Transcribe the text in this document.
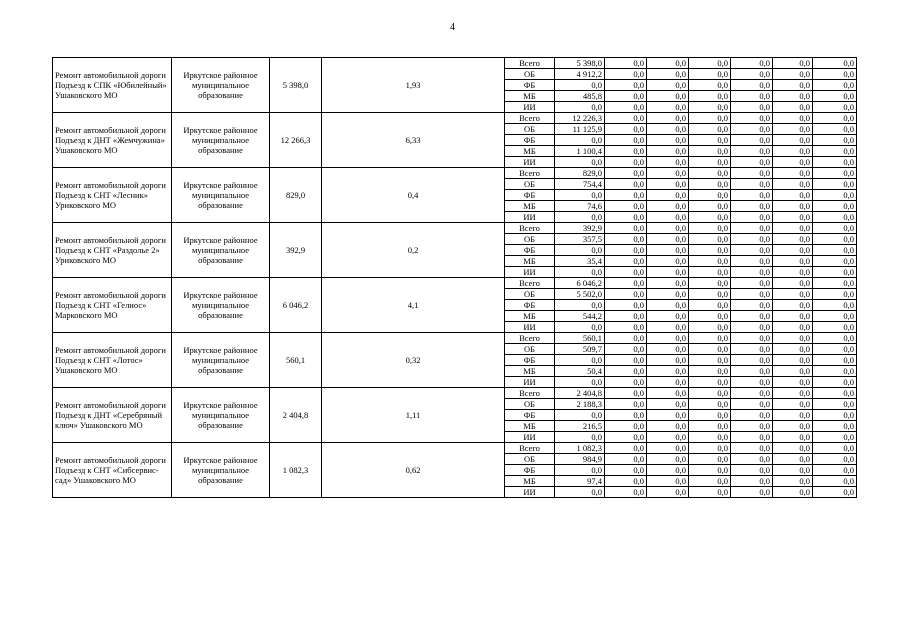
4
Ремонт автомобильной дороги Подъезд к СПК «Юбилейный» Ушаковского МО	Иркутское районное муниципальное образование	5 398,0	1,93	Всего	5 398,0	0,0	0,0	0,0	0,0	0,0	0,0
				ОБ	4 912,2	0,0	0,0	0,0	0,0	0,0	0,0
				ФБ	0,0	0,0	0,0	0,0	0,0	0,0	0,0
				МБ	485,8	0,0	0,0	0,0	0,0	0,0	0,0
				ИИ	0,0	0,0	0,0	0,0	0,0	0,0	0,0
Ремонт автомобильной дороги Подъезд к ДНТ «Жемчужина» Ушаковского МО	Иркутское районное муниципальное образование	12 266,3	6,33	Всего	12 226,3	0,0	0,0	0,0	0,0	0,0	0,0
				ОБ	11 125,9	0,0	0,0	0,0	0,0	0,0	0,0
				ФБ	0,0	0,0	0,0	0,0	0,0	0,0	0,0
				МБ	1 100,4	0,0	0,0	0,0	0,0	0,0	0,0
				ИИ	0,0	0,0	0,0	0,0	0,0	0,0	0,0
Ремонт автомобильной дороги Подъезд к СНТ «Лесник» Уриковского МО	Иркутское районное муниципальное образование	829,0	0,4	Всего	829,0	0,0	0,0	0,0	0,0	0,0	0,0
				ОБ	754,4	0,0	0,0	0,0	0,0	0,0	0,0
				ФБ	0,0	0,0	0,0	0,0	0,0	0,0	0,0
				МБ	74,6	0,0	0,0	0,0	0,0	0,0	0,0
				ИИ	0,0	0,0	0,0	0,0	0,0	0,0	0,0
Ремонт автомобильной дороги Подъезд к СНТ «Раздолье 2» Уриковского МО	Иркутское районное муниципальное образование	392,9	0,2	Всего	392,9	0,0	0,0	0,0	0,0	0,0	0,0
				ОБ	357,5	0,0	0,0	0,0	0,0	0,0	0,0
				ФБ	0,0	0,0	0,0	0,0	0,0	0,0	0,0
				МБ	35,4	0,0	0,0	0,0	0,0	0,0	0,0
				ИИ	0,0	0,0	0,0	0,0	0,0	0,0	0,0
Ремонт автомобильной дороги Подъезд к СНТ «Гелиос» Марковского МО	Иркутское районное муниципальное образование	6 046,2	4,1	Всего	6 046,2	0,0	0,0	0,0	0,0	0,0	0,0
				ОБ	5 502,0	0,0	0,0	0,0	0,0	0,0	0,0
				ФБ	0,0	0,0	0,0	0,0	0,0	0,0	0,0
				МБ	544,2	0,0	0,0	0,0	0,0	0,0	0,0
				ИИ	0,0	0,0	0,0	0,0	0,0	0,0	0,0
Ремонт автомобильной дороги Подъезд к СНТ «Лотос» Ушаковского МО	Иркутское районное муниципальное образование	560,1	0,32	Всего	560,1	0,0	0,0	0,0	0,0	0,0	0,0
				ОБ	509,7	0,0	0,0	0,0	0,0	0,0	0,0
				ФБ	0,0	0,0	0,0	0,0	0,0	0,0	0,0
				МБ	50,4	0,0	0,0	0,0	0,0	0,0	0,0
				ИИ	0,0	0,0	0,0	0,0	0,0	0,0	0,0
Ремонт автомобильной дороги Подъезд к ДНТ «Серебряный ключ» Ушаковского МО	Иркутское районное муниципальное образование	2 404,8	1,11	Всего	2 404,8	0,0	0,0	0,0	0,0	0,0	0,0
				ОБ	2 188,3	0,0	0,0	0,0	0,0	0,0	0,0
				ФБ	0,0	0,0	0,0	0,0	0,0	0,0	0,0
				МБ	216,5	0,0	0,0	0,0	0,0	0,0	0,0
				ИИ	0,0	0,0	0,0	0,0	0,0	0,0	0,0
Ремонт автомобильной дороги Подъезд к СНТ «Сибсервис-сад» Ушаковского МО	Иркутское районное муниципальное образование	1 082,3	0,62	Всего	1 082,3	0,0	0,0	0,0	0,0	0,0	0,0
				ОБ	984,9	0,0	0,0	0,0	0,0	0,0	0,0
				ФБ	0,0	0,0	0,0	0,0	0,0	0,0	0,0
				МБ	97,4	0,0	0,0	0,0	0,0	0,0	0,0
				ИИ	0,0	0,0	0,0	0,0	0,0	0,0	0,0
